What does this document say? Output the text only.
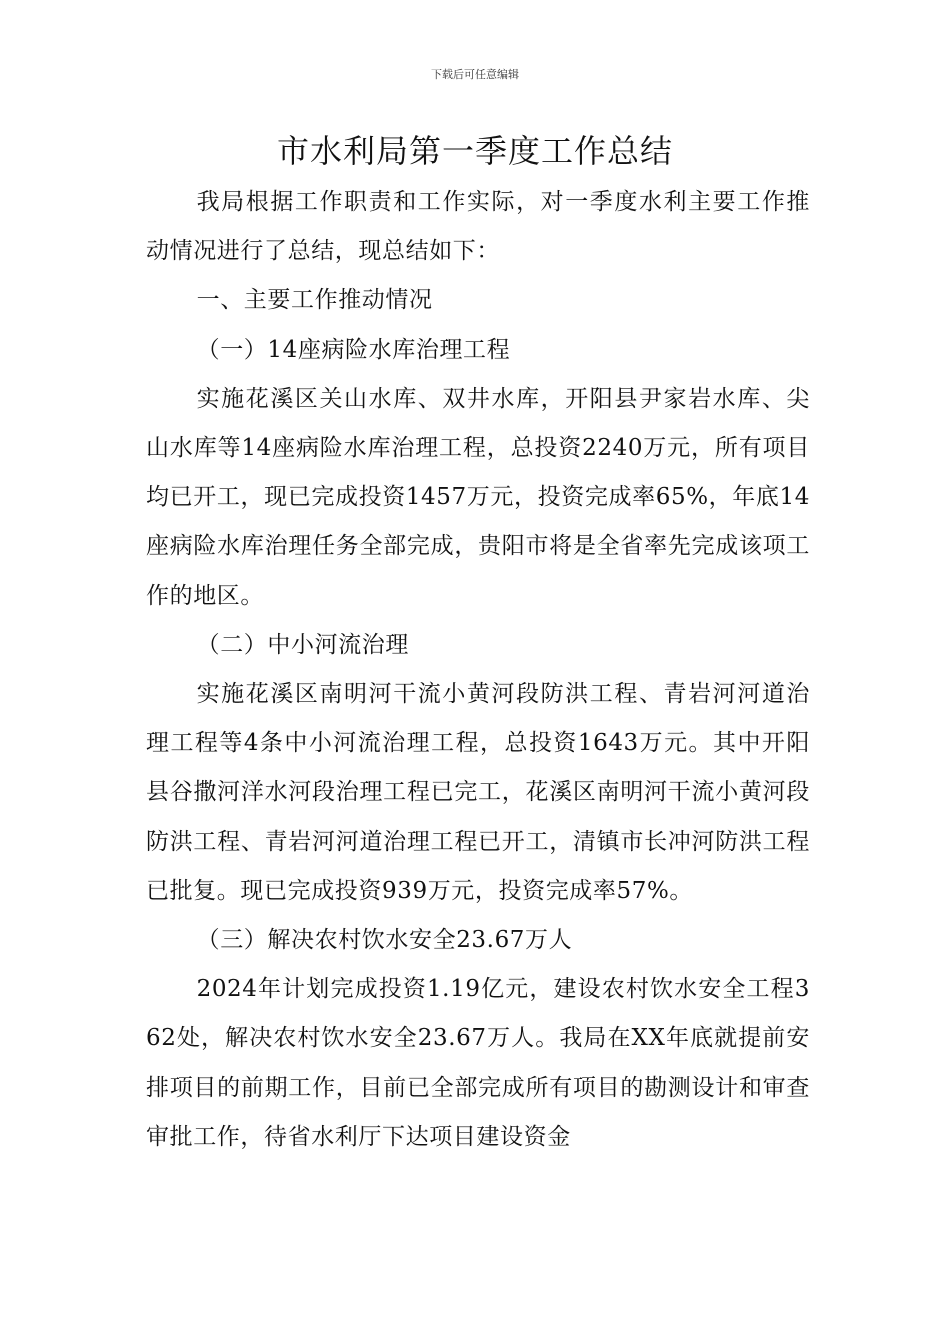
下载后可任意编辑
市水利局第一季度工作总结

我局根据工作职责和工作实际，对一季度水利主要工作推动情况进行了总结，现总结如下：

一、主要工作推动情况

（一）14座病险水库治理工程

实施花溪区关山水库、双井水库，开阳县尹家岩水库、尖山水库等14座病险水库治理工程，总投资2240万元，所有项目均已开工，现已完成投资1457万元，投资完成率65%，年底14座病险水库治理任务全部完成，贵阳市将是全省率先完成该项工作的地区。

（二）中小河流治理

实施花溪区南明河干流小黄河段防洪工程、青岩河河道治理工程等4条中小河流治理工程，总投资1643万元。其中开阳县谷撒河洋水河段治理工程已完工，花溪区南明河干流小黄河段防洪工程、青岩河河道治理工程已开工，清镇市长冲河防洪工程已批复。现已完成投资939万元，投资完成率57%。

（三）解决农村饮水安全23.67万人

2024年计划完成投资1.19亿元，建设农村饮水安全工程362处，解决农村饮水安全23.67万人。我局在XX年底就提前安排项目的前期工作，目前已全部完成所有项目的勘测设计和审查审批工作，待省水利厅下达项目建设资金
